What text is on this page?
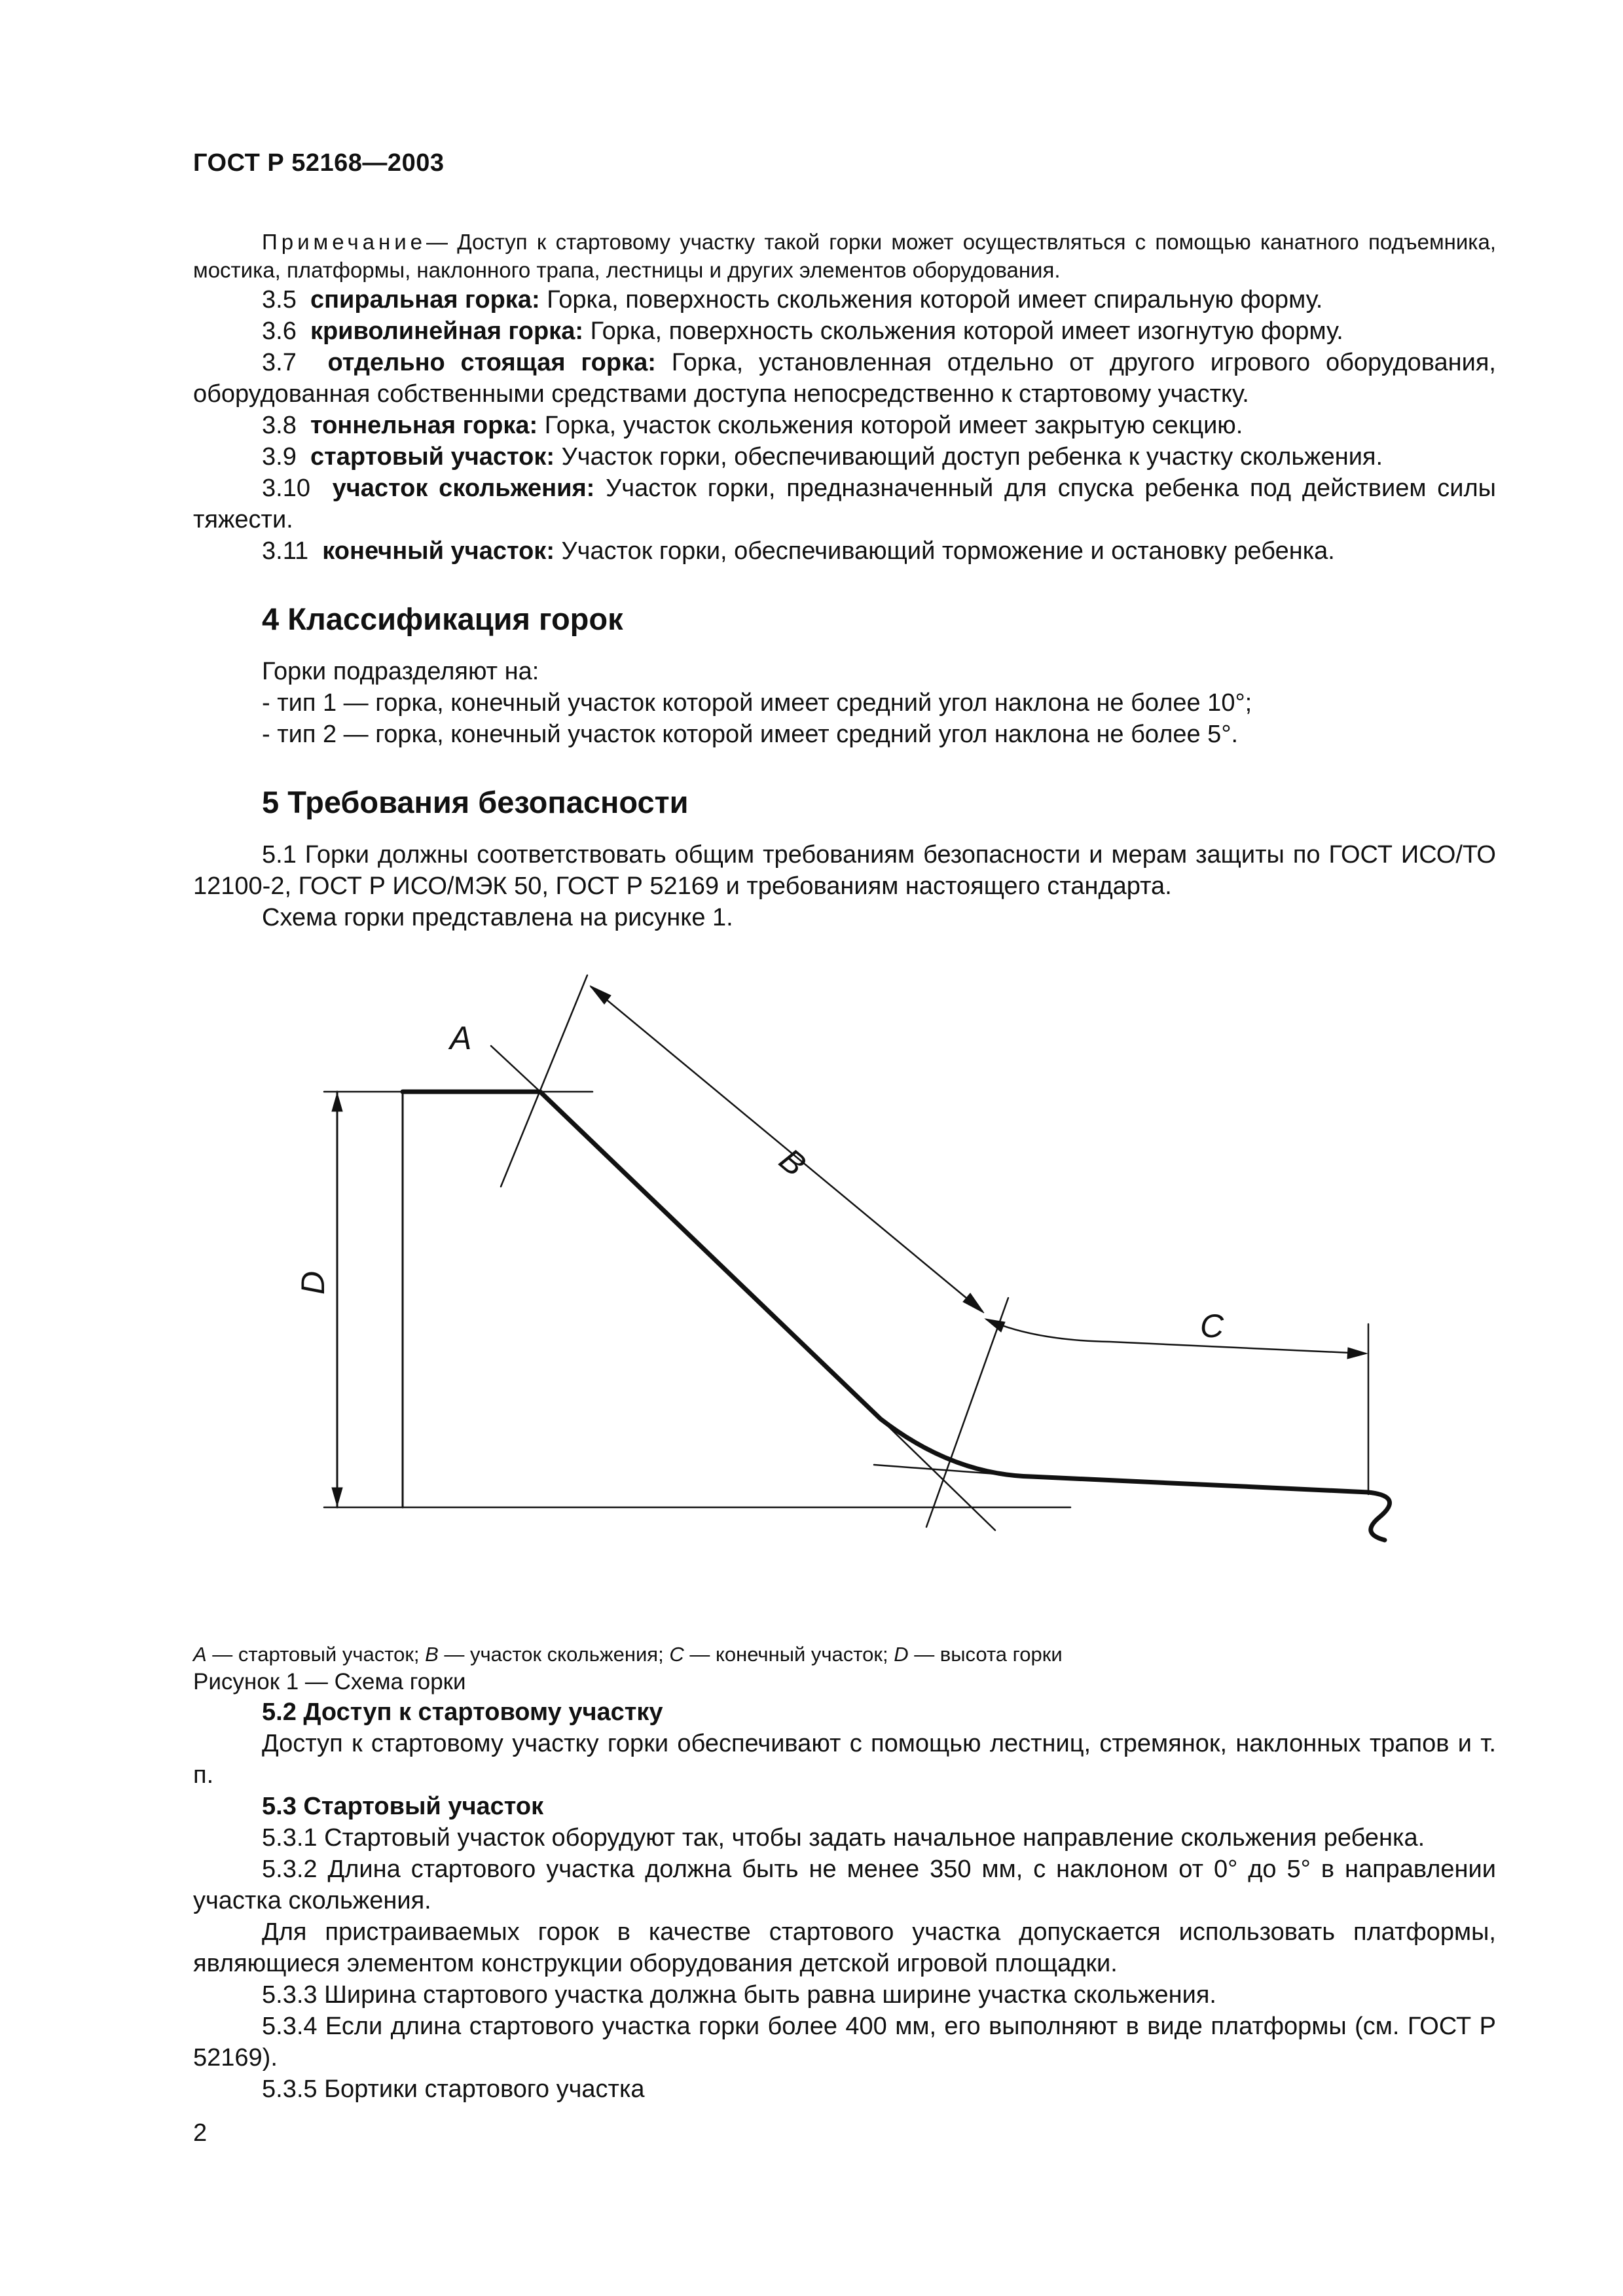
ГОСТ Р 52168—2003

Примечание— Доступ к стартовому участку такой горки может осуществляться с помощью канатного подъемника, мостика, платформы, наклонного трапа, лестницы и других элементов оборудования.

3.5 спиральная горка: Горка, поверхность скольжения которой имеет спиральную форму.

3.6 криволинейная горка: Горка, поверхность скольжения которой имеет изогнутую форму.

3.7 отдельно стоящая горка: Горка, установленная отдельно от другого игрового оборудования, оборудованная собственными средствами доступа непосредственно к стартовому участку.

3.8 тоннельная горка: Горка, участок скольжения которой имеет закрытую секцию.

3.9 стартовый участок: Участок горки, обеспечивающий доступ ребенка к участку скольжения.

3.10 участок скольжения: Участок горки, предназначенный для спуска ребенка под действием силы тяжести.

3.11 конечный участок: Участок горки, обеспечивающий торможение и остановку ребенка.

4 Классификация горок

Горки подразделяют на:

- тип 1 — горка, конечный участок которой имеет средний угол наклона не более 10°;

- тип 2 — горка, конечный участок которой имеет средний угол наклона не более 5°.

5 Требования безопасности

5.1 Горки должны соответствовать общим требованиям безопасности и мерам защиты по ГОСТ ИСО/ТО 12100-2, ГОСТ Р ИСО/МЭК 50, ГОСТ Р 52169 и требованиям настоящего стандарта.

Схема горки представлена на рисунке 1.

A
B
C
D

A — стартовый участок; B — участок скольжения; C — конечный участок; D — высота горки

Рисунок 1 — Схема горки

5.2 Доступ к стартовому участку

Доступ к стартовому участку горки обеспечивают с помощью лестниц, стремянок, наклонных трапов и т. п.

5.3 Стартовый участок

5.3.1 Стартовый участок оборудуют так, чтобы задать начальное направление скольжения ребенка.

5.3.2 Длина стартового участка должна быть не менее 350 мм, с наклоном от 0° до 5° в направлении участка скольжения.

Для пристраиваемых горок в качестве стартового участка допускается использовать платформы, являющиеся элементом конструкции оборудования детской игровой площадки.

5.3.3 Ширина стартового участка должна быть равна ширине участка скольжения.

5.3.4 Если длина стартового участка горки более 400 мм, его выполняют в виде платформы (см. ГОСТ Р 52169).

5.3.5 Бортики стартового участка

2
